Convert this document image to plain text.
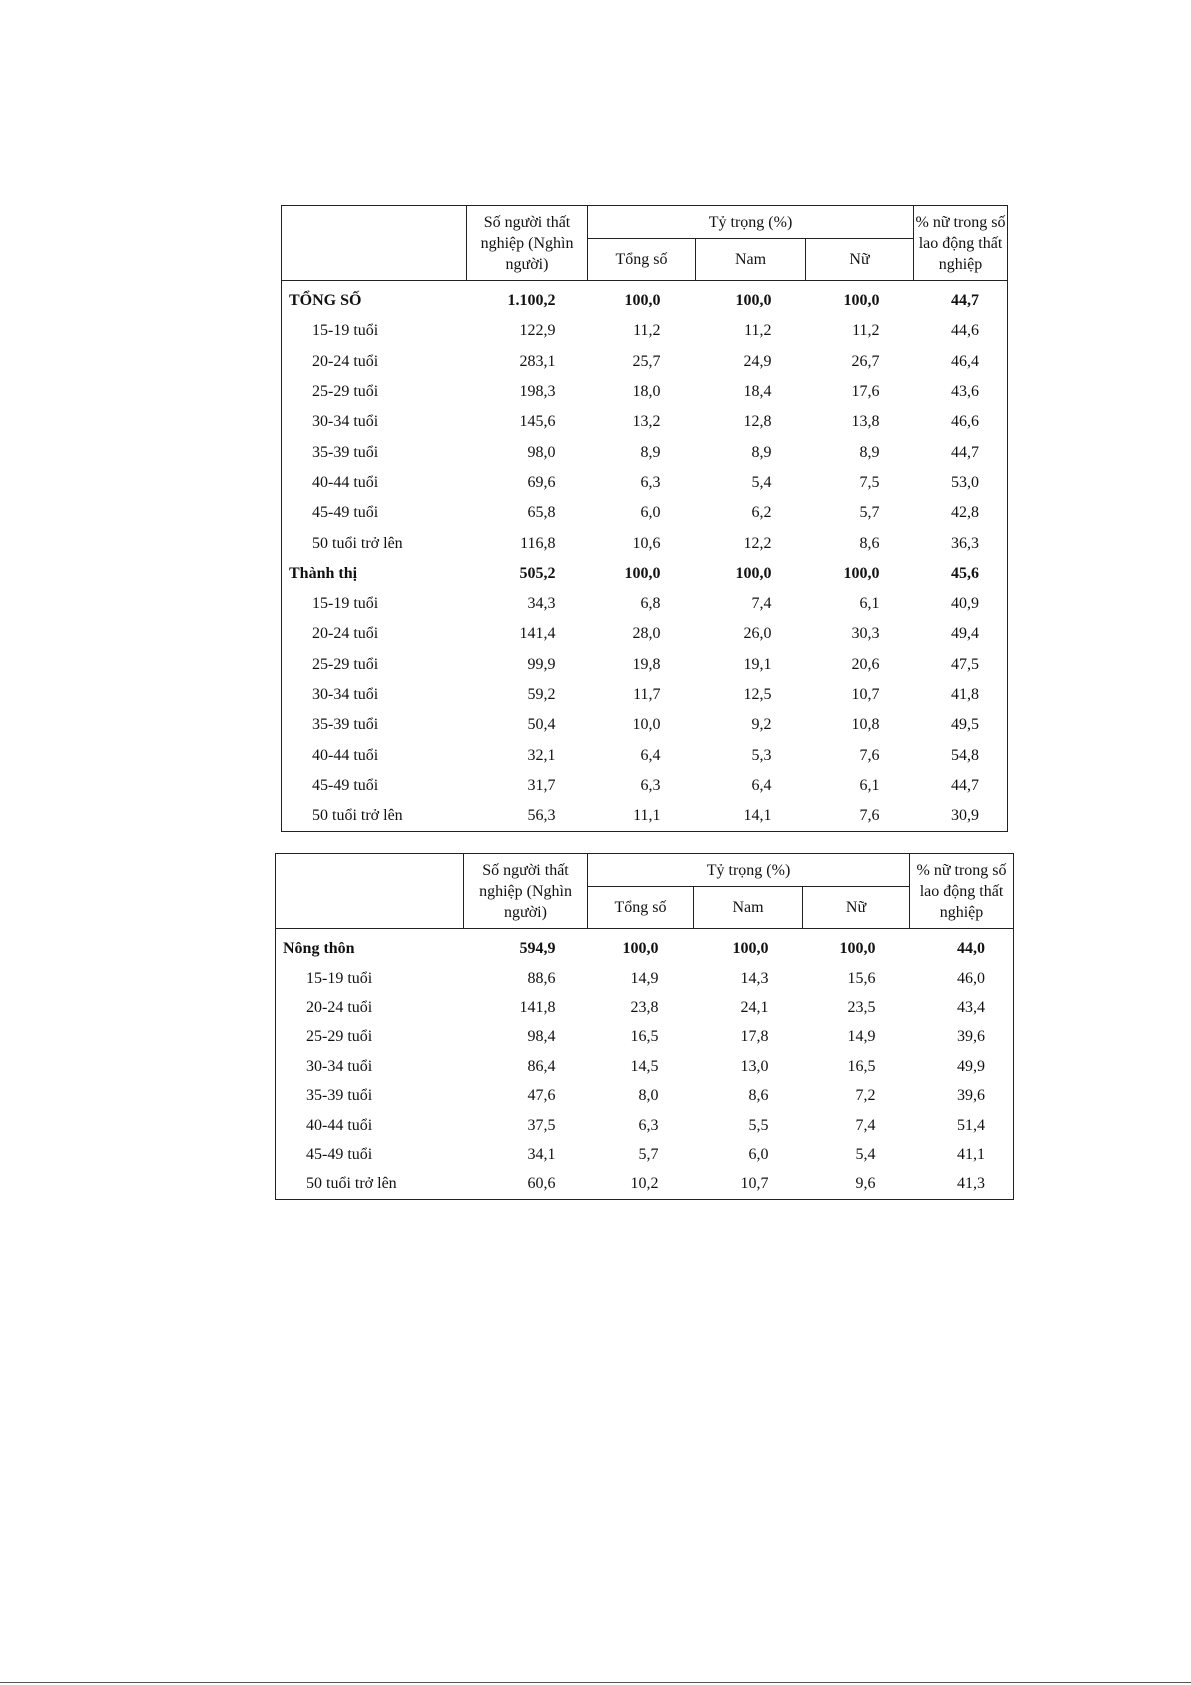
	Số người thất nghiệp (Nghìn người)	Tỷ trọng (%)			% nữ trong số lao động thất nghiệp
		Tổng số	Nam	Nữ	
TỔNG SỐ	1.100,2	100,0	100,0	100,0	44,7
15-19 tuổi	122,9	11,2	11,2	11,2	44,6
20-24 tuổi	283,1	25,7	24,9	26,7	46,4
25-29 tuổi	198,3	18,0	18,4	17,6	43,6
30-34 tuổi	145,6	13,2	12,8	13,8	46,6
35-39 tuổi	98,0	8,9	8,9	8,9	44,7
40-44 tuổi	69,6	6,3	5,4	7,5	53,0
45-49 tuổi	65,8	6,0	6,2	5,7	42,8
50 tuổi trở lên	116,8	10,6	12,2	8,6	36,3
Thành thị	505,2	100,0	100,0	100,0	45,6
15-19 tuổi	34,3	6,8	7,4	6,1	40,9
20-24 tuổi	141,4	28,0	26,0	30,3	49,4
25-29 tuổi	99,9	19,8	19,1	20,6	47,5
30-34 tuổi	59,2	11,7	12,5	10,7	41,8
35-39 tuổi	50,4	10,0	9,2	10,8	49,5
40-44 tuổi	32,1	6,4	5,3	7,6	54,8
45-49 tuổi	31,7	6,3	6,4	6,1	44,7
50 tuổi trở lên	56,3	11,1	14,1	7,6	30,9
	Số người thất nghiệp (Nghìn người)	Tỷ trọng (%)			% nữ trong số lao động thất nghiệp
		Tổng số	Nam	Nữ	
Nông thôn	594,9	100,0	100,0	100,0	44,0
15-19 tuổi	88,6	14,9	14,3	15,6	46,0
20-24 tuổi	141,8	23,8	24,1	23,5	43,4
25-29 tuổi	98,4	16,5	17,8	14,9	39,6
30-34 tuổi	86,4	14,5	13,0	16,5	49,9
35-39 tuổi	47,6	8,0	8,6	7,2	39,6
40-44 tuổi	37,5	6,3	5,5	7,4	51,4
45-49 tuổi	34,1	5,7	6,0	5,4	41,1
50 tuổi trở lên	60,6	10,2	10,7	9,6	41,3
